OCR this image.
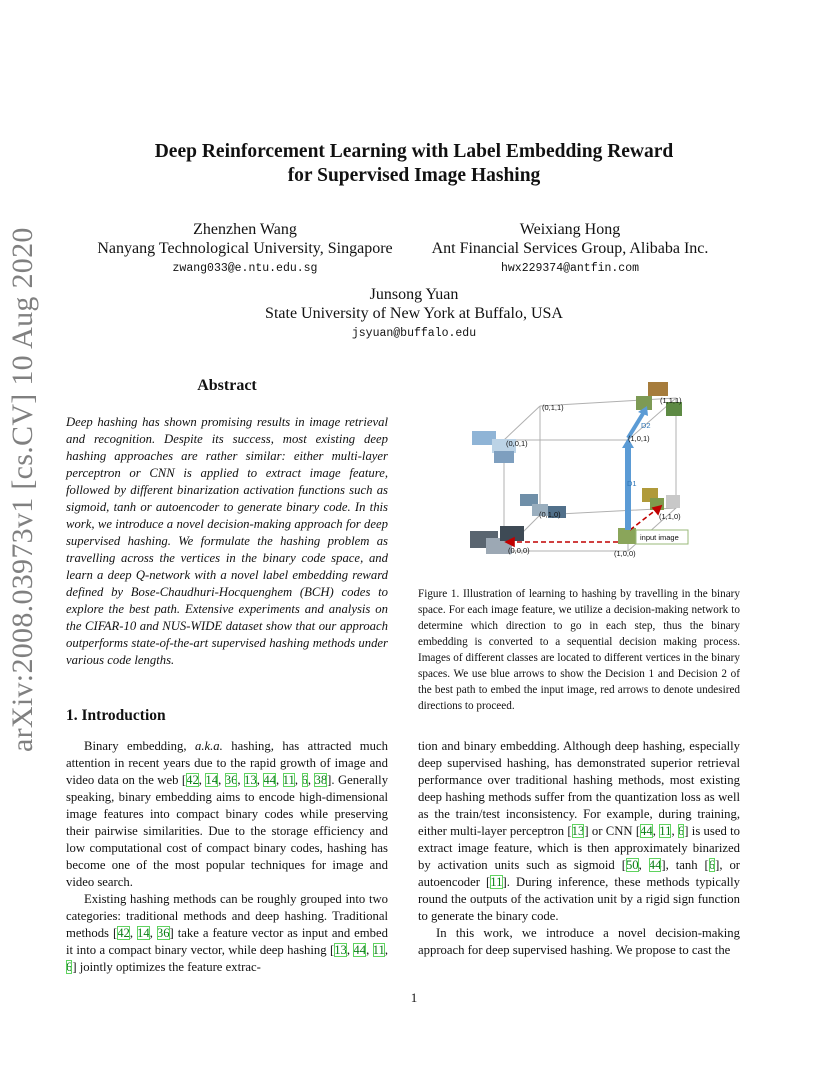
arXiv:2008.03973v1 [cs.CV] 10 Aug 2020
Deep Reinforcement Learning with Label Embedding Reward
for Supervised Image Hashing
Zhenzhen Wang
Nanyang Technological University, Singapore
zwang033@e.ntu.edu.sg
Weixiang Hong
Ant Financial Services Group, Alibaba Inc.
hwx229374@antfin.com
Junsong Yuan
State University of New York at Buffalo, USA
jsyuan@buffalo.edu
Abstract
Deep hashing has shown promising results in image retrieval and recognition. Despite its success, most existing deep hashing approaches are rather similar: either multi-layer perceptron or CNN is applied to extract image feature, followed by different binarization activation functions such as sigmoid, tanh or autoencoder to generate binary code. In this work, we introduce a novel decision-making approach for deep supervised hashing. We formulate the hashing problem as travelling across the vertices in the binary code space, and learn a deep Q-network with a novel label embedding reward defined by Bose-Chaudhuri-Hocquenghem (BCH) codes to explore the best path. Extensive experiments and analysis on the CIFAR-10 and NUS-WIDE dataset show that our approach outperforms state-of-the-art supervised hashing methods under various code lengths.
(0,0,0)	(1,0,0)
(0,1,0)	(1,1,0)
(0,0,1)
(1,0,1)
(0,1,1)
(1,1,1)
input image
D1
D2
Figure 1. Illustration of learning to hashing by travelling in the binary space. For each image feature, we utilize a decision-making network to determine which direction to go in each step, thus the binary embedding is converted to a sequential decision making process. Images of different classes are located to different vertices in the binary spaces. We use blue arrows to show the Decision 1 and Decision 2 of the best path to embed the input image, red arrows to denote undesired directions to proceed.
1. Introduction

Binary embedding, a.k.a. hashing, has attracted much attention in recent years due to the rapid growth of image and video data on the web [42, 14, 36, 13, 44, 11, 6, 38]. Generally speaking, binary embedding aims to encode high-dimensional image features into compact binary codes while preserving their pairwise similarities. Due to the storage efficiency and low computational cost of compact binary codes, hashing has become one of the most popular techniques for image and video search.

Existing hashing methods can be roughly grouped into two categories: traditional methods and deep hashing. Traditional methods [42, 14, 36] take a feature vector as input and embed it into a compact binary vector, while deep hashing [13, 44, 11, 6] jointly optimizes the feature extrac-

tion and binary embedding. Although deep hashing, especially deep supervised hashing, has demonstrated superior retrieval performance over traditional hashing methods, most existing deep hashing methods suffer from the quantization loss as well as the train/test inconsistency. For example, during training, either multi-layer perceptron [13] or CNN [44, 11, 6] is used to extract image feature, which is then approximately binarized by activation units such as sigmoid [50, 44], tanh [6], or autoencoder [11]. During inference, these methods typically round the outputs of the activation unit by a rigid sign function to generate the binary code.

In this work, we introduce a novel decision-making approach for deep supervised hashing. We propose to cast the

1
